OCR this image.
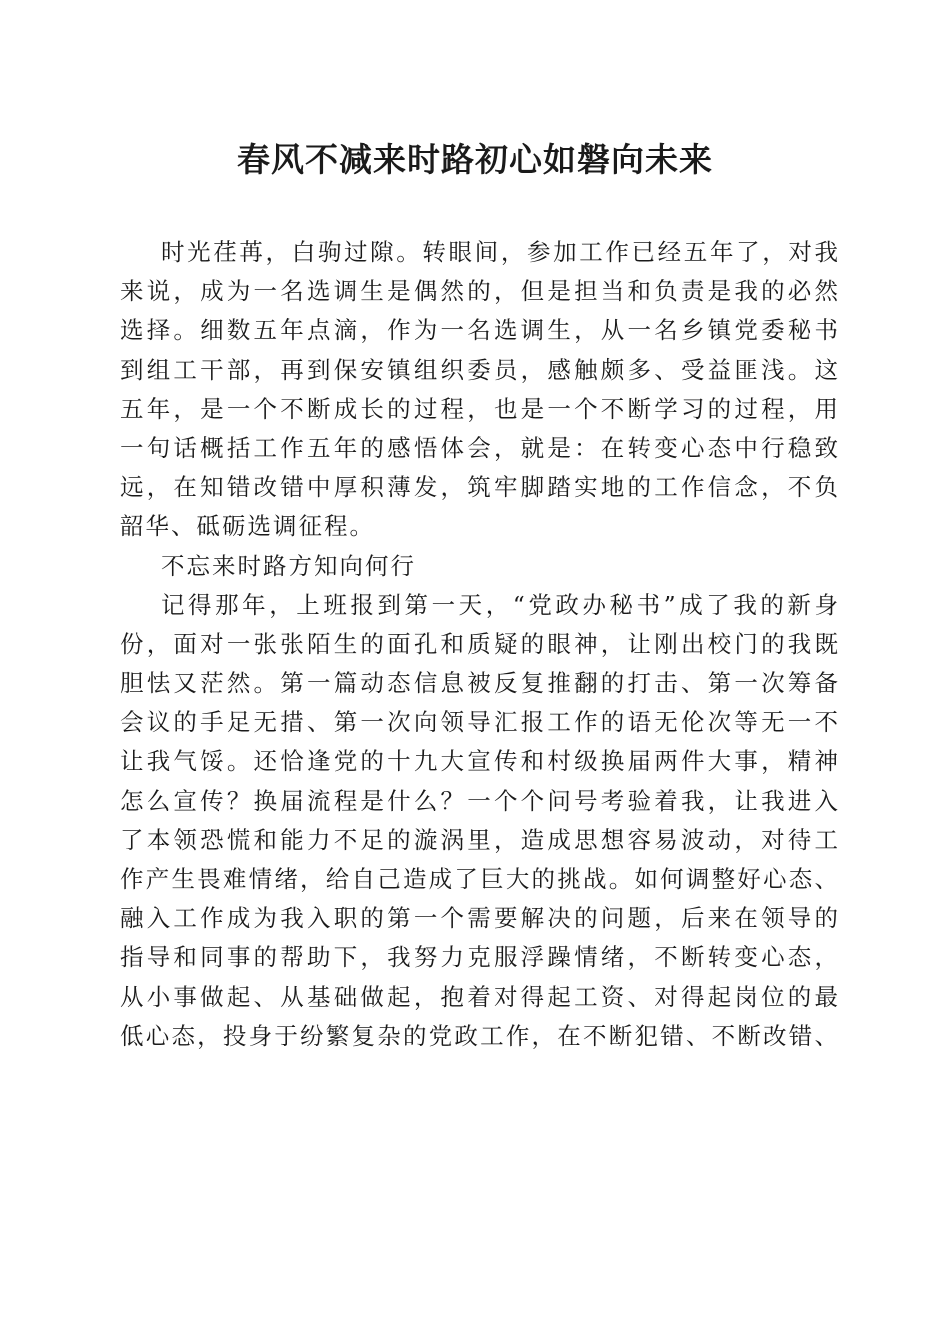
春风不减来时路初心如磐向未来
时光荏苒，白驹过隙。转眼间，参加工作已经五年了，对我
来说，成为一名选调生是偶然的，但是担当和负责是我的必然
选择。细数五年点滴，作为一名选调生，从一名乡镇党委秘书
到组工干部，再到保安镇组织委员，感触颇多、受益匪浅。这
五年，是一个不断成长的过程，也是一个不断学习的过程，用
一句话概括工作五年的感悟体会，就是：在转变心态中行稳致
远，在知错改错中厚积薄发，筑牢脚踏实地的工作信念，不负
韶华、砥砺选调征程。
不忘来时路方知向何行
记得那年，上班报到第一天，“党政办秘书”成了我的新身
份，面对一张张陌生的面孔和质疑的眼神，让刚出校门的我既
胆怯又茫然。第一篇动态信息被反复推翻的打击、第一次筹备
会议的手足无措、第一次向领导汇报工作的语无伦次等无一不
让我气馁。还恰逢党的十九大宣传和村级换届两件大事，精神
怎么宣传？换届流程是什么？一个个问号考验着我，让我进入
了本领恐慌和能力不足的漩涡里，造成思想容易波动，对待工
作产生畏难情绪，给自己造成了巨大的挑战。如何调整好心态、
融入工作成为我入职的第一个需要解决的问题，后来在领导的
指导和同事的帮助下，我努力克服浮躁情绪，不断转变心态，
从小事做起、从基础做起，抱着对得起工资、对得起岗位的最
低心态，投身于纷繁复杂的党政工作，在不断犯错、不断改错、
